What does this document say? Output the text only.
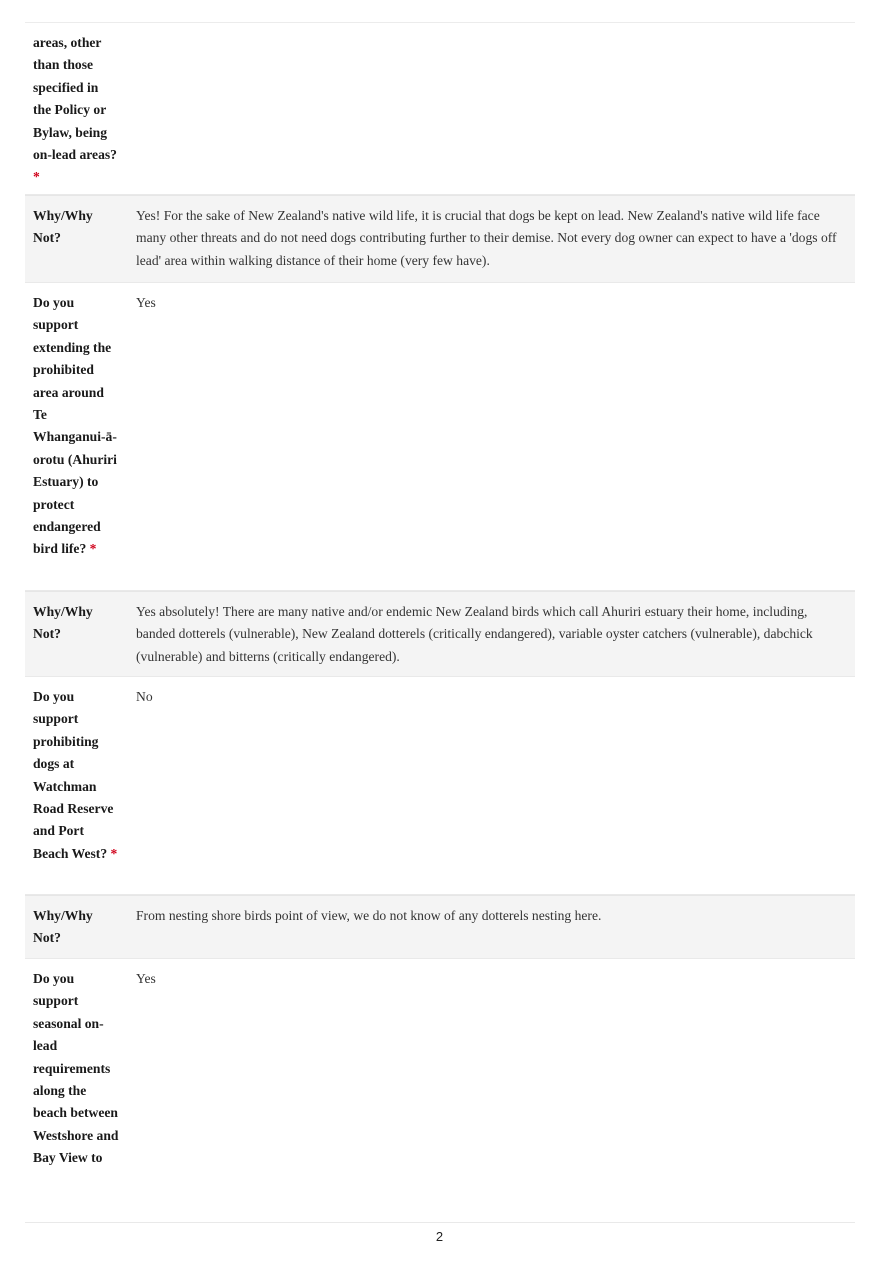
areas, other than those specified in the Policy or Bylaw, being on-lead areas? *
Why/Why Not?
Yes! For the sake of New Zealand's native wild life, it is crucial that dogs be kept on lead. New Zealand's native wild life face many other threats and do not need dogs contributing further to their demise. Not every dog owner can expect to have a 'dogs off lead' area within walking distance of their home (very few have).
Do you support extending the prohibited area around Te Whanganui-ā-orotu (Ahuriri Estuary) to protect endangered bird life? *
Yes
Why/Why Not?
Yes absolutely! There are many native and/or endemic New Zealand birds which call Ahuriri estuary their home, including, banded dotterels (vulnerable), New Zealand dotterels (critically endangered), variable oyster catchers (vulnerable), dabchick (vulnerable) and bitterns (critically endangered).
Do you support prohibiting dogs at Watchman Road Reserve and Port Beach West? *
No
Why/Why Not?
From nesting shore birds point of view, we do not know of any dotterels nesting here.
Do you support seasonal on-lead requirements along the beach between Westshore and Bay View to
Yes
2
